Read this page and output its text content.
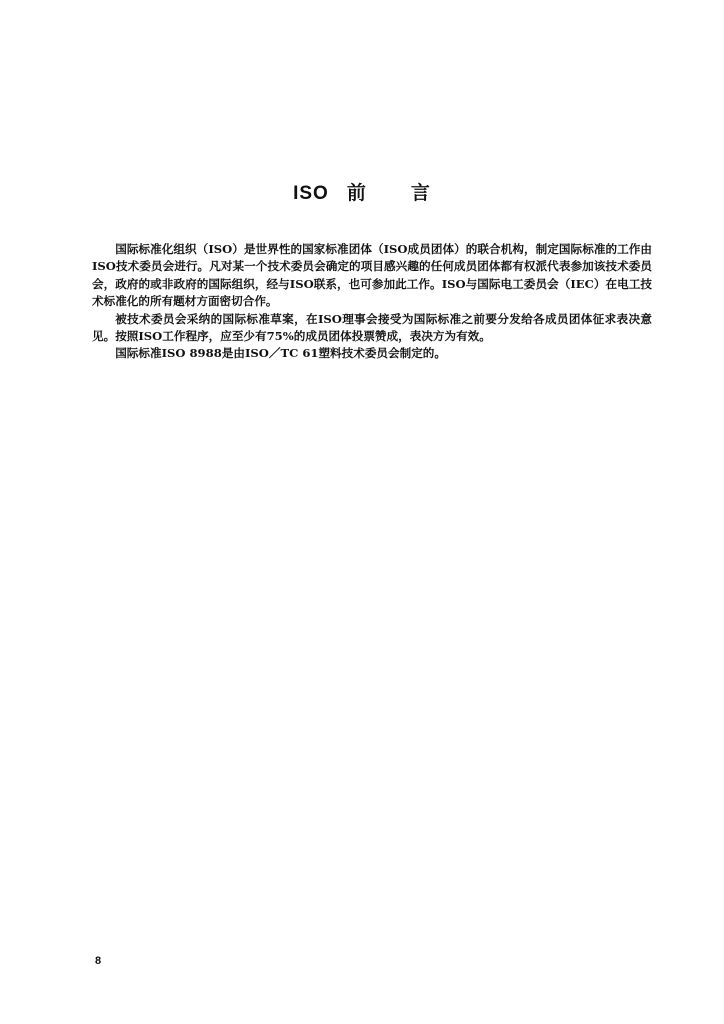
ISO 前 言

国际标准化组织（ISO）是世界性的国家标准团体（ISO成员团体）的联合机构，制定国际标准的工作由ISO技术委员会进行。凡对某一个技术委员会确定的项目感兴趣的任何成员团体都有权派代表参加该技术委员会，政府的或非政府的国际组织，经与ISO联系，也可参加此工作。ISO与国际电工委员会（IEC）在电工技术标准化的所有题材方面密切合作。

被技术委员会采纳的国际标准草案，在ISO理事会接受为国际标准之前要分发给各成员团体征求表决意见。按照ISO工作程序，应至少有75%的成员团体投票赞成，表决方为有效。

国际标准ISO 8988是由ISO／TC 61塑料技术委员会制定的。

8
